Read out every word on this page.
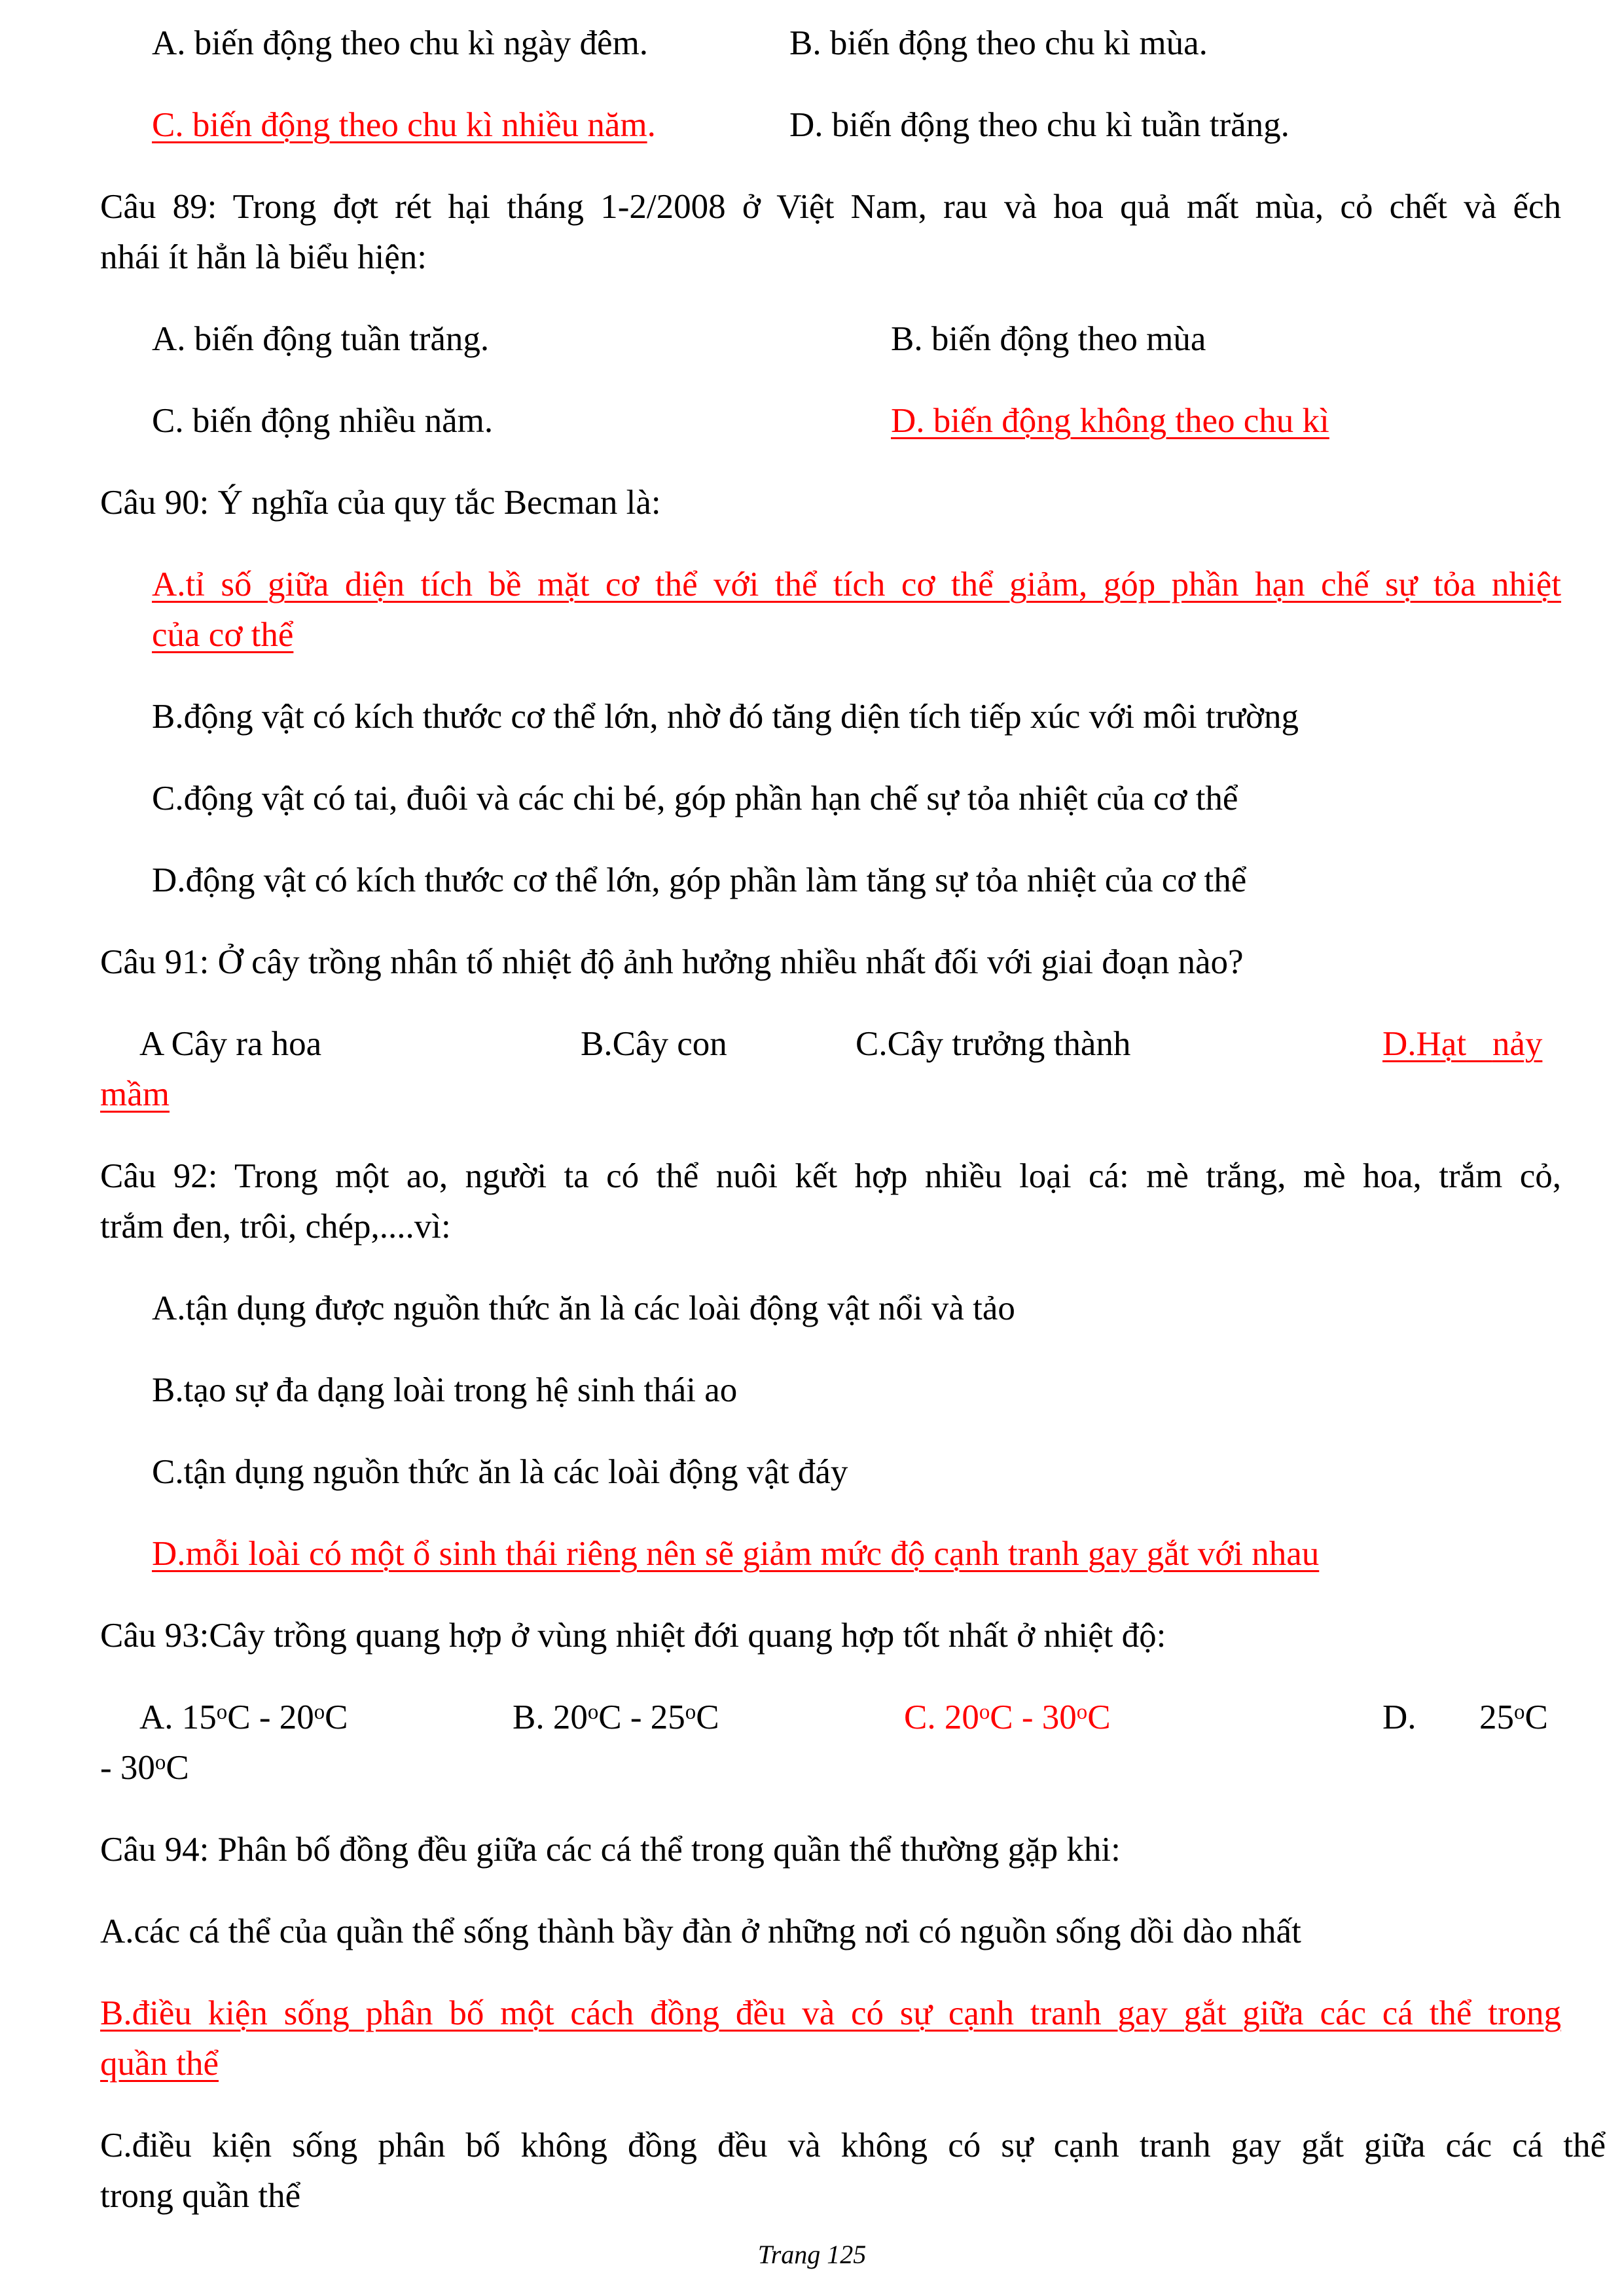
A. biến động theo chu kì ngày đêm.	B. biến động theo chu kì mùa.
C. biến động theo chu kì nhiều năm.	D. biến động theo chu kì tuần trăng.
Câu 89: Trong đợt rét hại tháng 1-2/2008 ở Việt Nam, rau và hoa quả mất mùa, cỏ chết và ếch
nhái ít hẳn là biểu hiện:
A. biến động tuần trăng.	B. biến động theo mùa
C. biến động nhiều năm.	D. biến động không theo chu kì
Câu 90: Ý nghĩa của quy tắc Becman là:
A.tỉ số giữa diện tích bề mặt cơ thể với thể tích cơ thể giảm, góp phần hạn chế sự tỏa nhiệt
của cơ thể
B.động vật có kích thước cơ thể lớn, nhờ đó tăng diện tích tiếp xúc với môi trường
C.động vật có tai, đuôi và các chi bé, góp phần hạn chế sự tỏa nhiệt của cơ thể
D.động vật có kích thước cơ thể lớn, góp phần làm tăng sự tỏa nhiệt của cơ thể
Câu 91: Ở cây trồng nhân tố nhiệt độ ảnh hưởng nhiều nhất đối với giai đoạn nào?
A Cây ra hoa	B.Cây con	C.Cây trưởng thành	D.Hạt nảy
mầm
Câu 92: Trong một ao, người ta có thể nuôi kết hợp nhiều loại cá: mè trắng, mè hoa, trắm cỏ,
trắm đen, trôi, chép,....vì:
A.tận dụng được nguồn thức ăn là các loài động vật nổi và tảo
B.tạo sự đa dạng loài trong hệ sinh thái ao
C.tận dụng nguồn thức ăn là các loài động vật đáy
D.mỗi loài có một ổ sinh thái riêng nên sẽ giảm mức độ cạnh tranh gay gắt với nhau
Câu 93:Cây trồng quang hợp ở vùng nhiệt đới quang hợp tốt nhất ở nhiệt độ:
A. 15$^o$C - 20$^o$C	B. 20$^o$C - 25$^o$C	C. 20$^o$C - 30$^o$C	D. 25$^o$C
- 30$^o$C
Câu 94: Phân bố đồng đều giữa các cá thể trong quần thể thường gặp khi:
A.các cá thể của quần thể sống thành bầy đàn ở những nơi có nguồn sống dồi dào nhất
B.điều kiện sống phân bố một cách đồng đều và có sự cạnh tranh gay gắt giữa các cá thể trong
quần thể
C.điều kiện sống phân bố không đồng đều và không có sự cạnh tranh gay gắt giữa các cá thể
trong quần thể
Trang 125
